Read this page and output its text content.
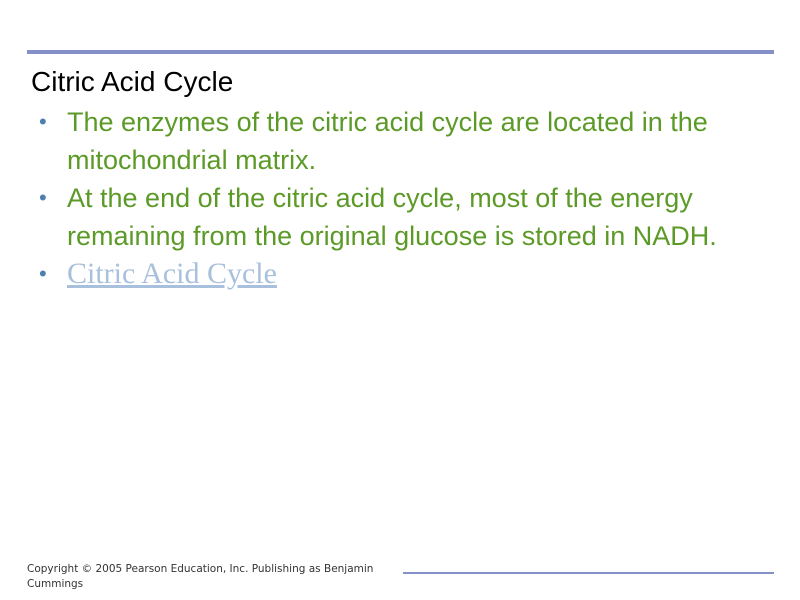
Citric Acid Cycle
• The enzymes of the citric acid cycle are located in the mitochondrial matrix.
• At the end of the citric acid cycle, most of the energy remaining from the original glucose is stored in NADH.
• Citric Acid Cycle

Copyright © 2005 Pearson Education, Inc. Publishing as Benjamin Cummings
